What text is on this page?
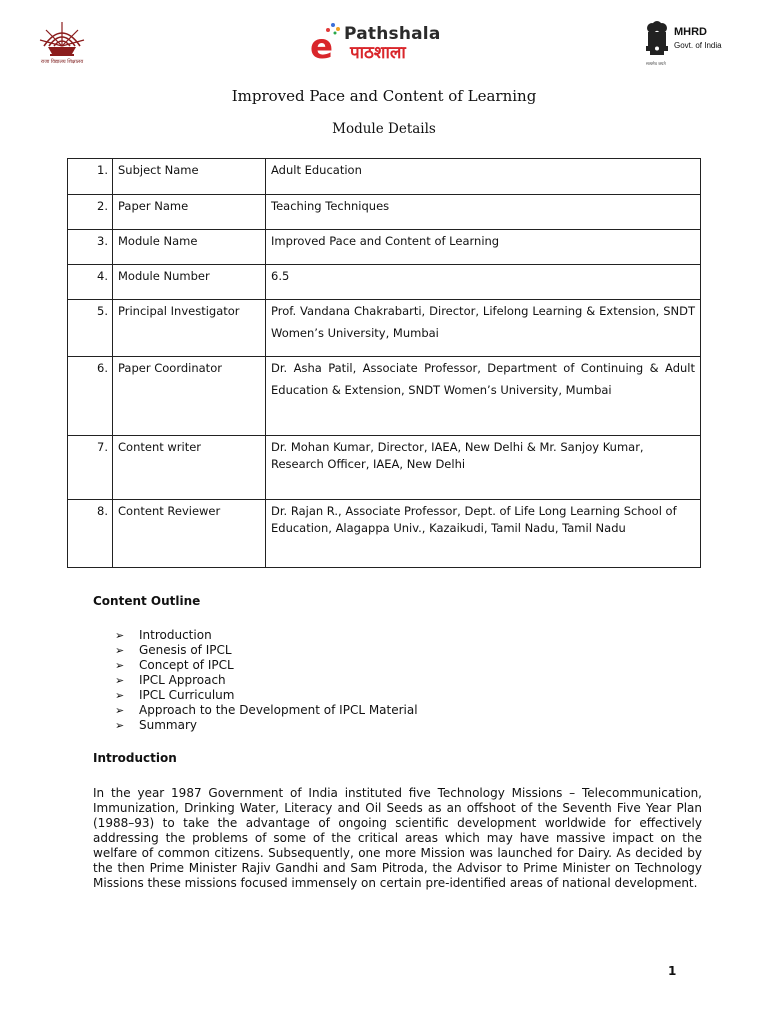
राजा विद्यालय शिक्षालय	e Pathshala
पाठशाला
MHRD
Govt. of India
सत्यमेव जयते
Improved Pace and Content of Learning
Module Details
1.	Subject Name	Adult Education
2.	Paper Name	Teaching Techniques
3.	Module Name	Improved Pace and Content of Learning
4.	Module Number	6.5
5.	Principal Investigator	Prof. Vandana Chakrabarti, Director, Lifelong Learning & Extension, SNDT Women’s University, Mumbai
6.	Paper Coordinator	Dr. Asha Patil, Associate Professor, Department of Continuing & Adult Education & Extension, SNDT Women’s University, Mumbai
7.	Content writer	Dr. Mohan Kumar, Director, IAEA, New Delhi & Mr. Sanjoy Kumar, Research Officer, IAEA, New Delhi
8.	Content Reviewer	Dr. Rajan R., Associate Professor, Dept. of Life Long Learning School of Education, Alagappa Univ., Kazaikudi, Tamil Nadu, Tamil Nadu
Content Outline
➢ Introduction
➢ Genesis of IPCL
➢ Concept of IPCL
➢ IPCL Approach
➢ IPCL Curriculum
➢ Approach to the Development of IPCL Material
➢ Summary
Introduction

In the year 1987 Government of India instituted five Technology Missions – Telecommunication, Immunization, Drinking Water, Literacy and Oil Seeds as an offshoot of the Seventh Five Year Plan (1988–93) to take the advantage of ongoing scientific development worldwide for effectively addressing the problems of some of the critical areas which may have massive impact on the welfare of common citizens. Subsequently, one more Mission was launched for Dairy. As decided by the then Prime Minister Rajiv Gandhi and Sam Pitroda, the Advisor to Prime Minister on Technology Missions these missions focused immensely on certain pre-identified areas of national development.

1
